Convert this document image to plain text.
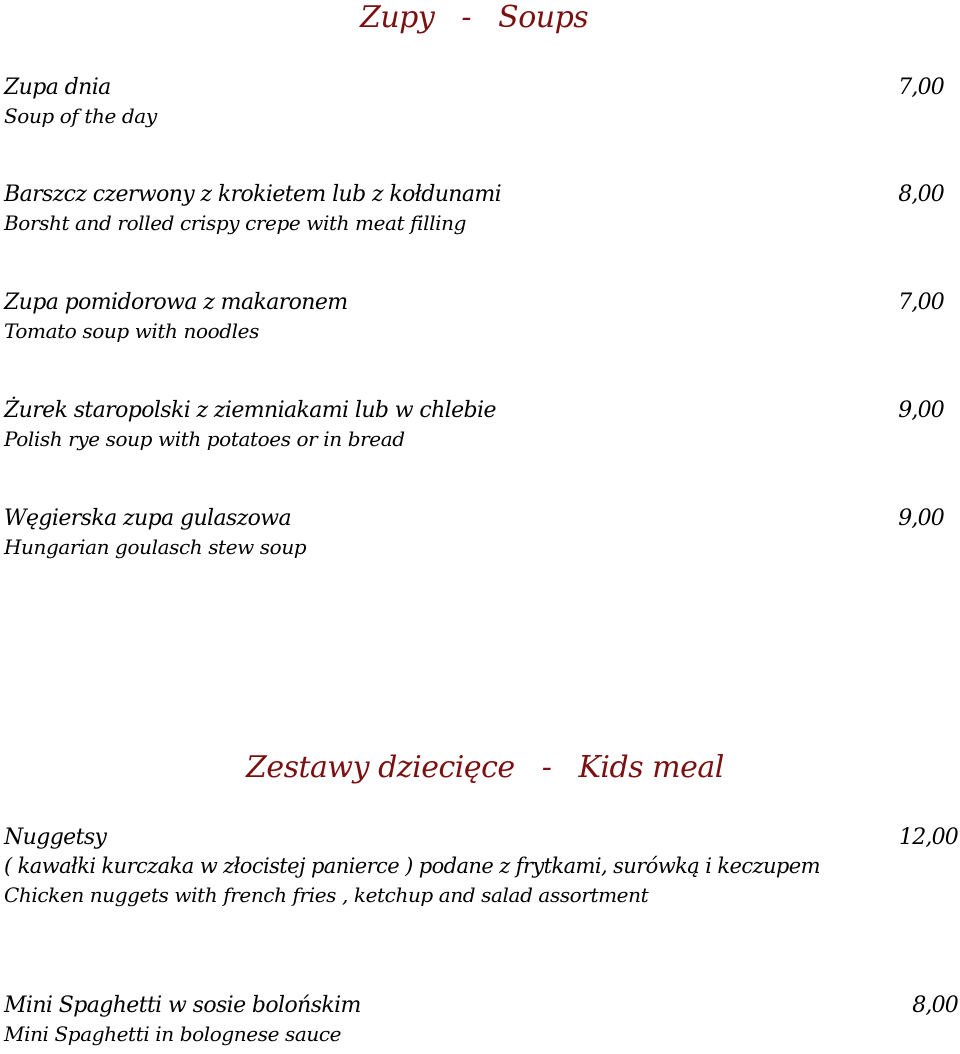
Zupy   -   Soups
Zupa dnia
Soup of the day
7,00
Barszcz czerwony z krokietem lub z kołdunami
Borsht and rolled crispy crepe with meat filling
8,00
Zupa pomidorowa z makaronem
Tomato soup with noodles
7,00
Żurek staropolski z ziemniakami lub w chlebie
Polish rye soup with potatoes or in bread
9,00
Węgierska zupa gulaszowa
Hungarian goulasch stew soup
9,00
Zestawy dziecięce   -   Kids meal
Nuggetsy
( kawałki kurczaka w złocistej panierce ) podane z frytkami, surówką i keczupem
Chicken nuggets with french fries , ketchup and salad assortment
12,00
Mini Spaghetti w sosie bolońskim
Mini Spaghetti in bolognese sauce
8,00
